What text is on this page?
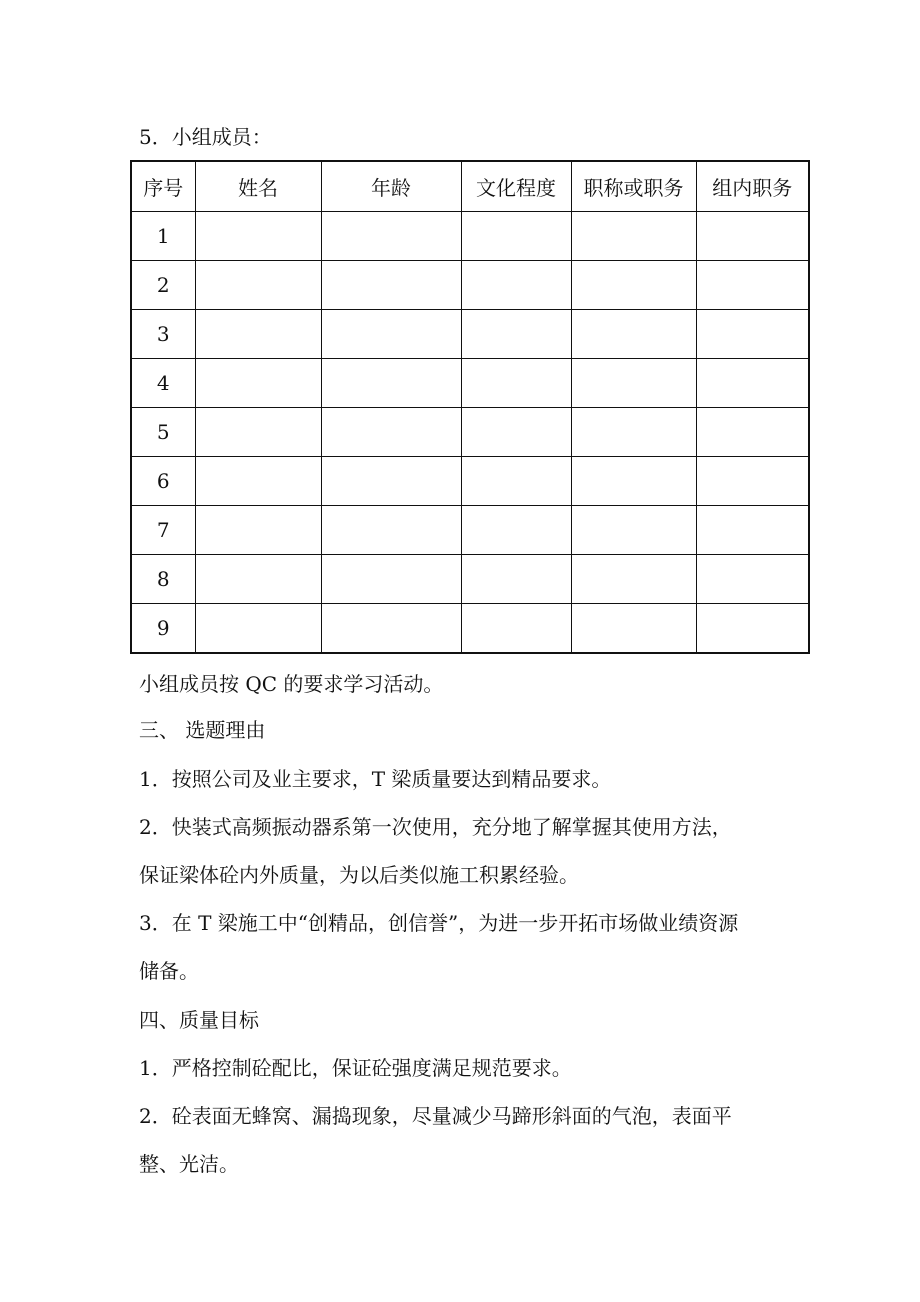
5．小组成员：
序号	姓名	年龄	文化程度	职称或职务	组内职务
1					
2					
3					
4					
5					
6					
7					
8					
9					
小组成员按 QC 的要求学习活动。
三、 选题理由
1．按照公司及业主要求，T 梁质量要达到精品要求。
2．快装式高频振动器系第一次使用，充分地了解掌握其使用方法，
保证梁体砼内外质量，为以后类似施工积累经验。
3．在 T 梁施工中“创精品，创信誉”，为进一步开拓市场做业绩资源
储备。
四、质量目标
1．严格控制砼配比，保证砼强度满足规范要求。
2．砼表面无蜂窝、漏捣现象，尽量减少马蹄形斜面的气泡，表面平
整、光洁。
